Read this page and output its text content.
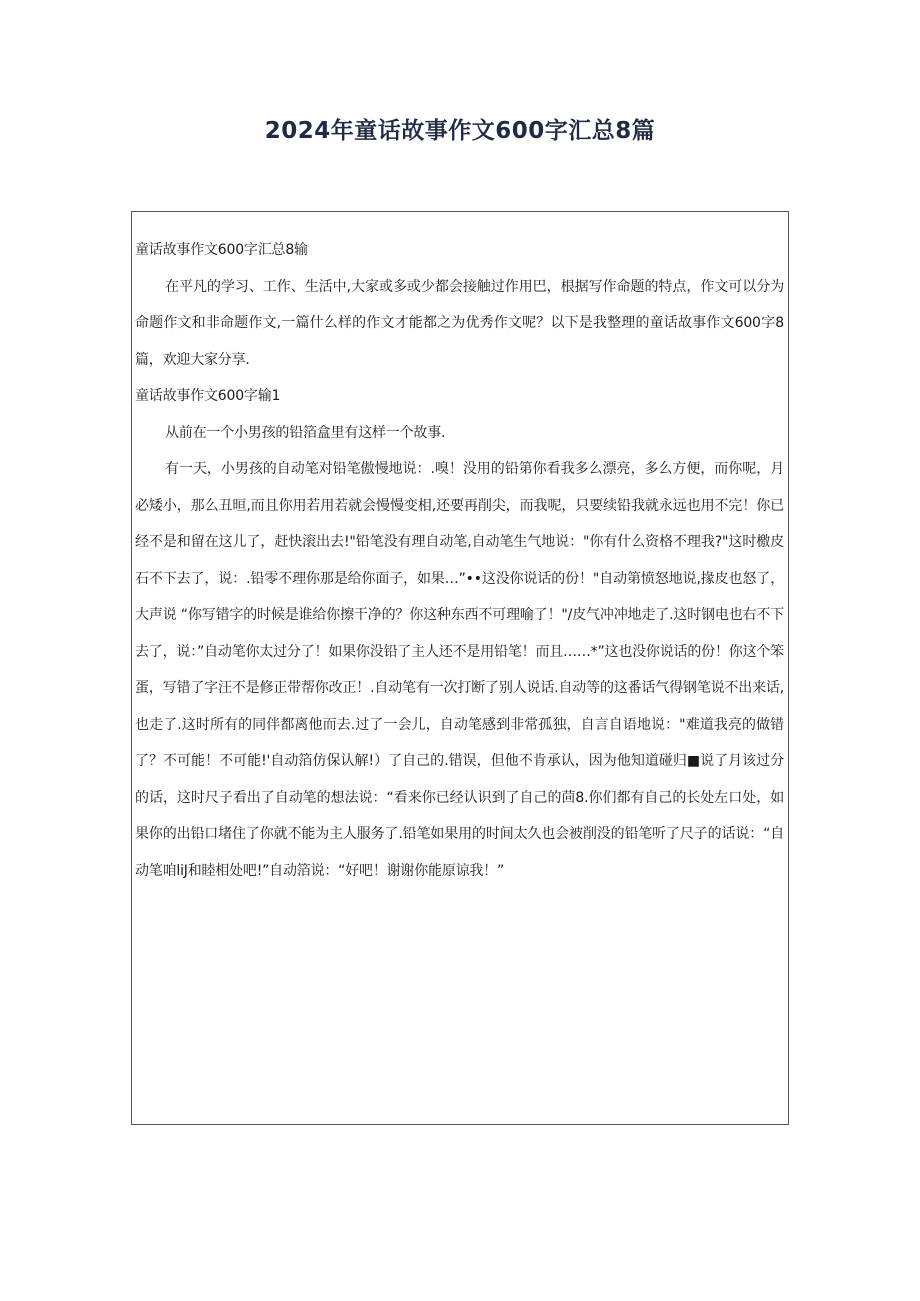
2024年童话故事作文600字汇总8篇

童话故事作文600字汇总8输

在平凡的学习、工作、生活中,大家或多或少都会接触过作用巴，根据写作命题的特点，作文可以分为命题作文和非命题作文,一篇什么样的作文才能都之为优秀作文呢？以下是我整理的童话故事作文600字8篇，欢迎大家分享.

童话故事作文600字输1

从前在一个小男孩的铅箔盒里有这样一个故事.

有一天，小男孩的自动笔对铅笔傲慢地说：.嗅！没用的铅第你看我多么漂亮，多么方便，而你呢，月必矮小，那么丑晅,而且你用若用若就会慢慢变相,还要再削尖，而我呢，只要续铅我就永远也用不完！你已经不是和留在这儿了，赶快滚出去!"铅笔没有理自动笔,自动笔生气地说："你有什么资格不理我?"这时檄皮石不下去了，说：.铅零不理你那是给你面子，如果…”••这没你说话的份！"自动第愤怒地说,掾皮也怒了，大声说 “你写错字的时候是谁给你擦干净的？你这种东西不可理喻了！"/皮气冲冲地走了.这时钢电也右不下去了，说：”自动笔你太过分了！如果你没铅了主人还不是用铅笔！而且……*”这也没你说话的份！你这个笨蛋，写错了字汪不是修正带帮你改正！.自动笔有一次打断了别人说话.自动等的这番话气得钢笔说不出来话,也走了.这时所有的同伴都离他而去.过了一会儿，自动笔感到非常孤独，自言自语地说："难道我亮的做错了？不可能！不可能!'自动箔仿保认解!）了自己的.错误，但他不肯承认，因为他知道碰归■说了月该过分的话，这时尺子看出了自动笔的想法说：“看来你已经认识到了自己的茴8.你们都有自己的长处左口处，如果你的出铅口堵住了你就不能为主人服务了.铅笔如果用的时间太久也会被削没的铅笔听了尺子的话说：“自动笔咱liJ和睦相处吧!”自动箔说：“好吧！谢谢你能原谅我！”
